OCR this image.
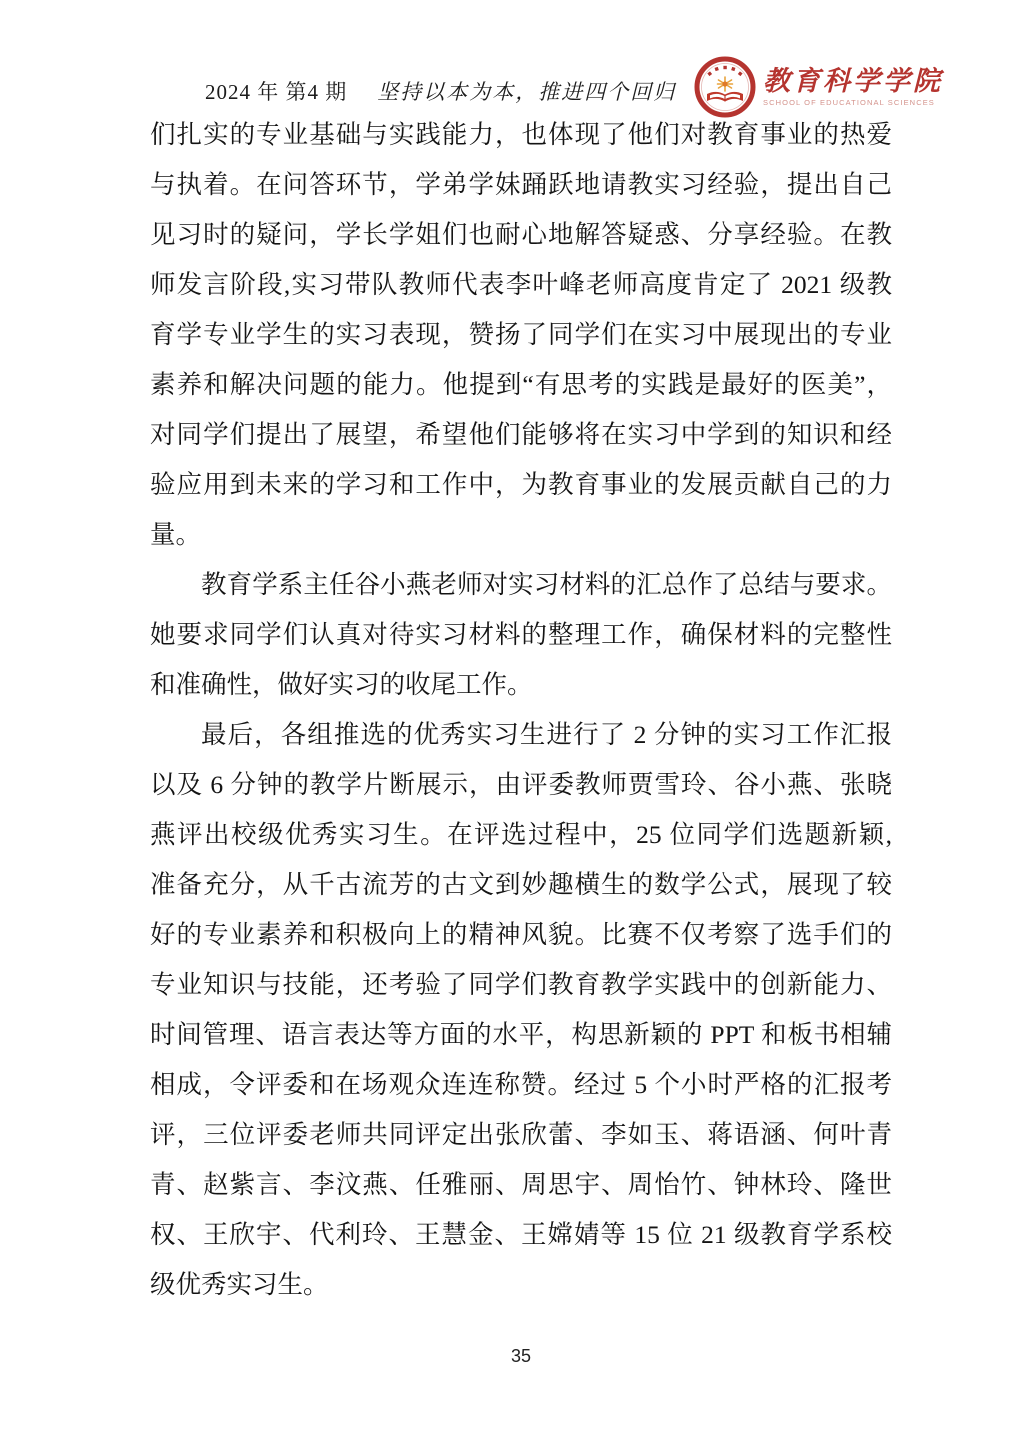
2024 年 第4 期 坚持以本为本，推进四个回归	教育科学学院
SCHOOL OF EDUCATIONAL SCIENCES
们扎实的专业基础与实践能力，也体现了他们对教育事业的热爱
与执着。在问答环节，学弟学妹踊跃地请教实习经验，提出自己
见习时的疑问，学长学姐们也耐心地解答疑惑、分享经验。在教
师发言阶段,实习带队教师代表李叶峰老师高度肯定了 2021 级教
育学专业学生的实习表现，赞扬了同学们在实习中展现出的专业
素养和解决问题的能力。他提到“有思考的实践是最好的医美”，
对同学们提出了展望，希望他们能够将在实习中学到的知识和经
验应用到未来的学习和工作中，为教育事业的发展贡献自己的力
量。
教育学系主任谷小燕老师对实习材料的汇总作了总结与要求。
她要求同学们认真对待实习材料的整理工作，确保材料的完整性
和准确性，做好实习的收尾工作。
最后，各组推选的优秀实习生进行了 2 分钟的实习工作汇报
以及 6 分钟的教学片断展示，由评委教师贾雪玲、谷小燕、张晓
燕评出校级优秀实习生。在评选过程中，25 位同学们选题新颖,
准备充分，从千古流芳的古文到妙趣横生的数学公式，展现了较
好的专业素养和积极向上的精神风貌。比赛不仅考察了选手们的
专业知识与技能，还考验了同学们教育教学实践中的创新能力、
时间管理、语言表达等方面的水平，构思新颖的 PPT 和板书相辅
相成，令评委和在场观众连连称赞。经过 5 个小时严格的汇报考
评，三位评委老师共同评定出张欣蕾、李如玉、蒋语涵、何叶青
青、赵紫言、李汶燕、任雅丽、周思宇、周怡竹、钟林玲、隆世
权、王欣宇、代利玲、王慧金、王嫦婧等 15 位 21 级教育学系校
级优秀实习生。
35
